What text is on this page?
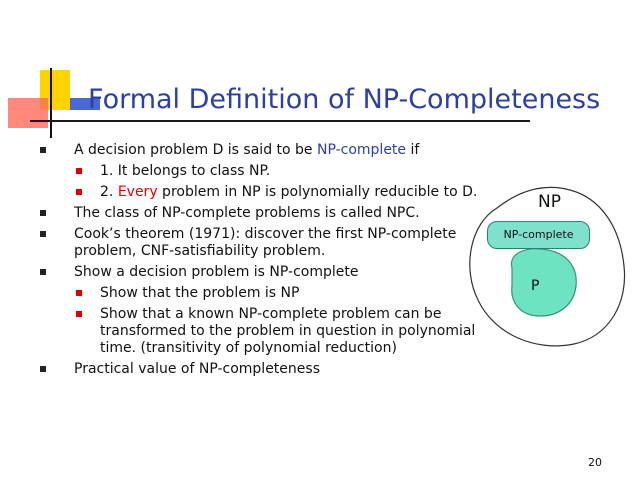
Formal Definition of NP-Completeness
A decision problem D is said to be NP-complete if
1. It belongs to class NP.
2. Every problem in NP is polynomially reducible to D.
The class of NP-complete problems is called NPC.
Cook’s theorem (1971): discover the first NP-complete problem, CNF-satisfiability problem.
Show a decision problem is NP-complete
Show that the problem is NP
Show that a known NP-complete problem can be transformed to the problem in question in polynomial time. (transitivity of polynomial reduction)
Practical value of NP-completeness
NP
NP-complete
P
20
